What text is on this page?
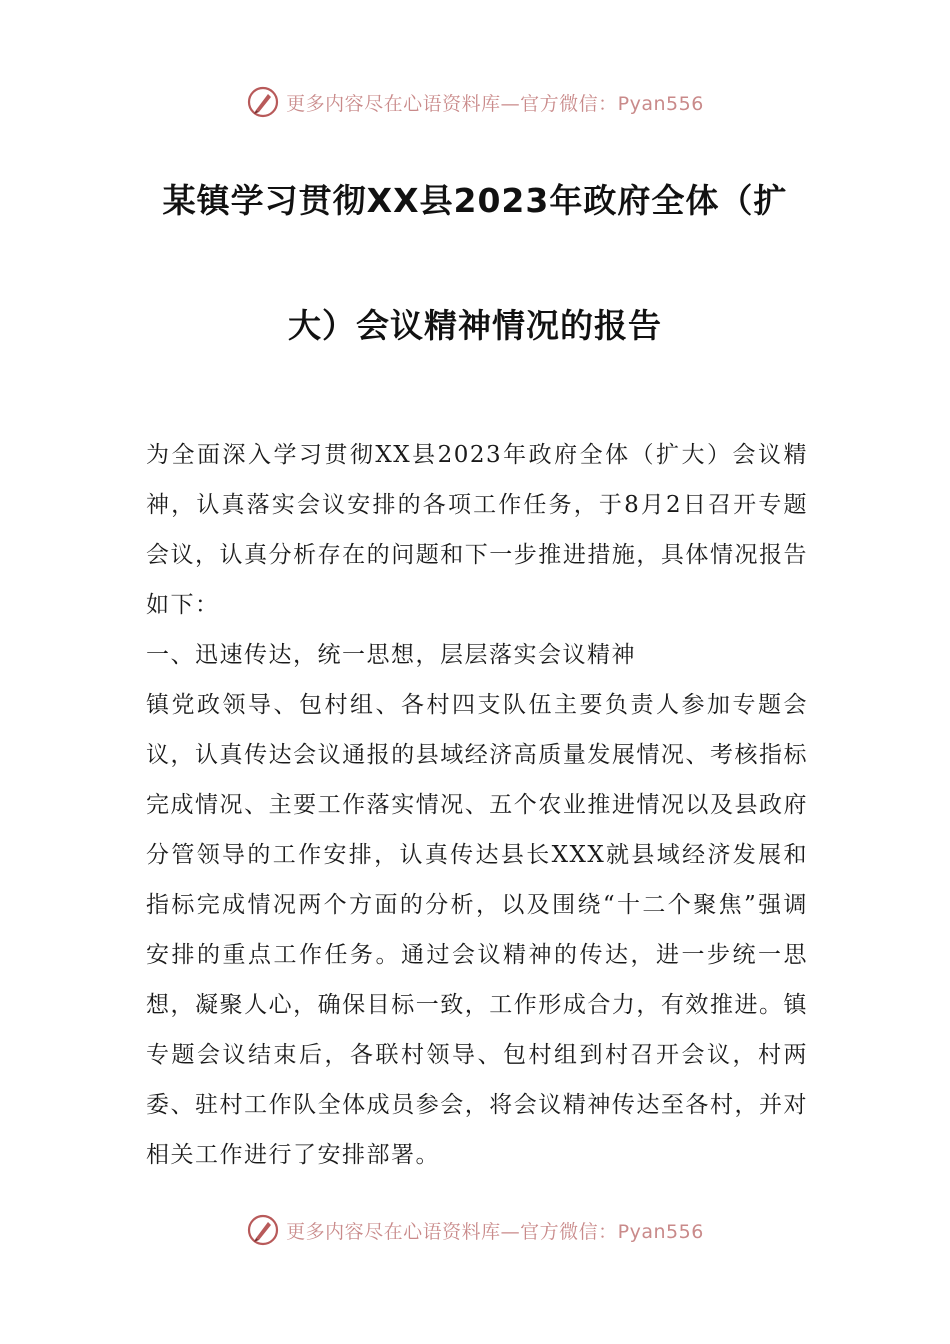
更多内容尽在心语资料库—官方微信：Pyan556
某镇学习贯彻XX县2023年政府全体（扩
大）会议精神情况的报告

为全面深入学习贯彻XX县2023年政府全体（扩大）会议精神，认真落实会议安排的各项工作任务，于8月2日召开专题会议，认真分析存在的问题和下一步推进措施，具体情况报告如下：

一、迅速传达，统一思想，层层落实会议精神

镇党政领导、包村组、各村四支队伍主要负责人参加专题会议，认真传达会议通报的县域经济高质量发展情况、考核指标完成情况、主要工作落实情况、五个农业推进情况以及县政府分管领导的工作安排，认真传达县长XXX就县域经济发展和指标完成情况两个方面的分析，以及围绕“十二个聚焦”强调安排的重点工作任务。通过会议精神的传达，进一步统一思想，凝聚人心，确保目标一致，工作形成合力，有效推进。镇专题会议结束后，各联村领导、包村组到村召开会议，村两委、驻村工作队全体成员参会，将会议精神传达至各村，并对相关工作进行了安排部署。

更多内容尽在心语资料库—官方微信：Pyan556
